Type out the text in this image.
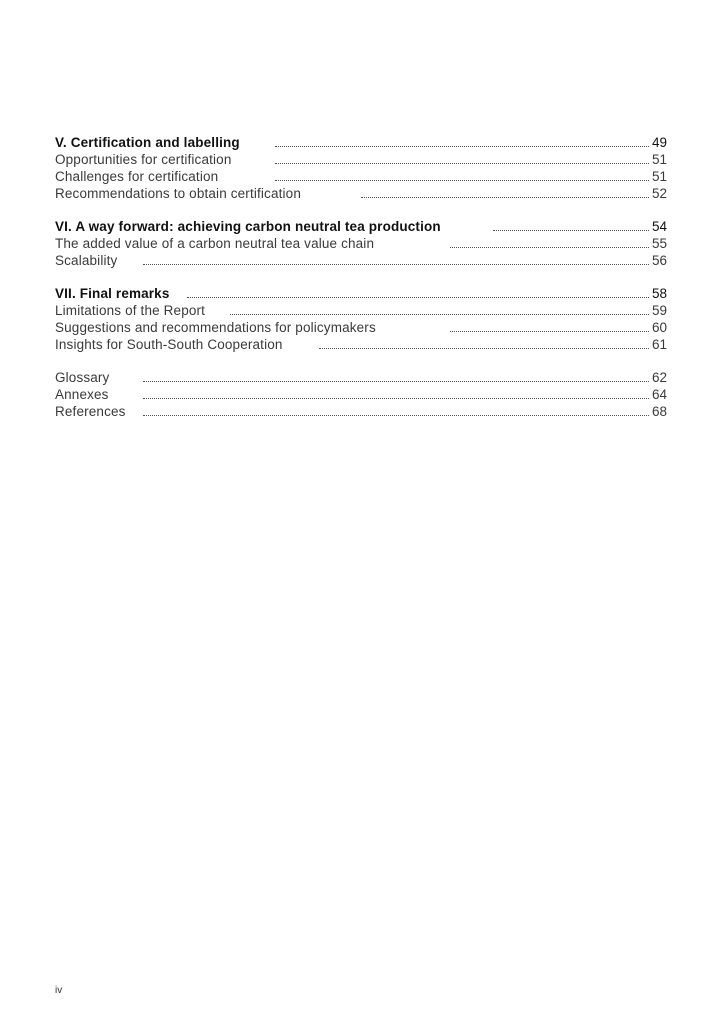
V. Certification and labelling	49
Opportunities for certification	51
Challenges for certification	51
Recommendations to obtain certification	52
VI. A way forward: achieving carbon neutral tea production	54
The added value of a carbon neutral tea value chain	55
Scalability	56
VII. Final remarks	58
Limitations of the Report	59
Suggestions and recommendations for policymakers	60
Insights for South-South Cooperation	61
Glossary	62
Annexes	64
References	68
iv
